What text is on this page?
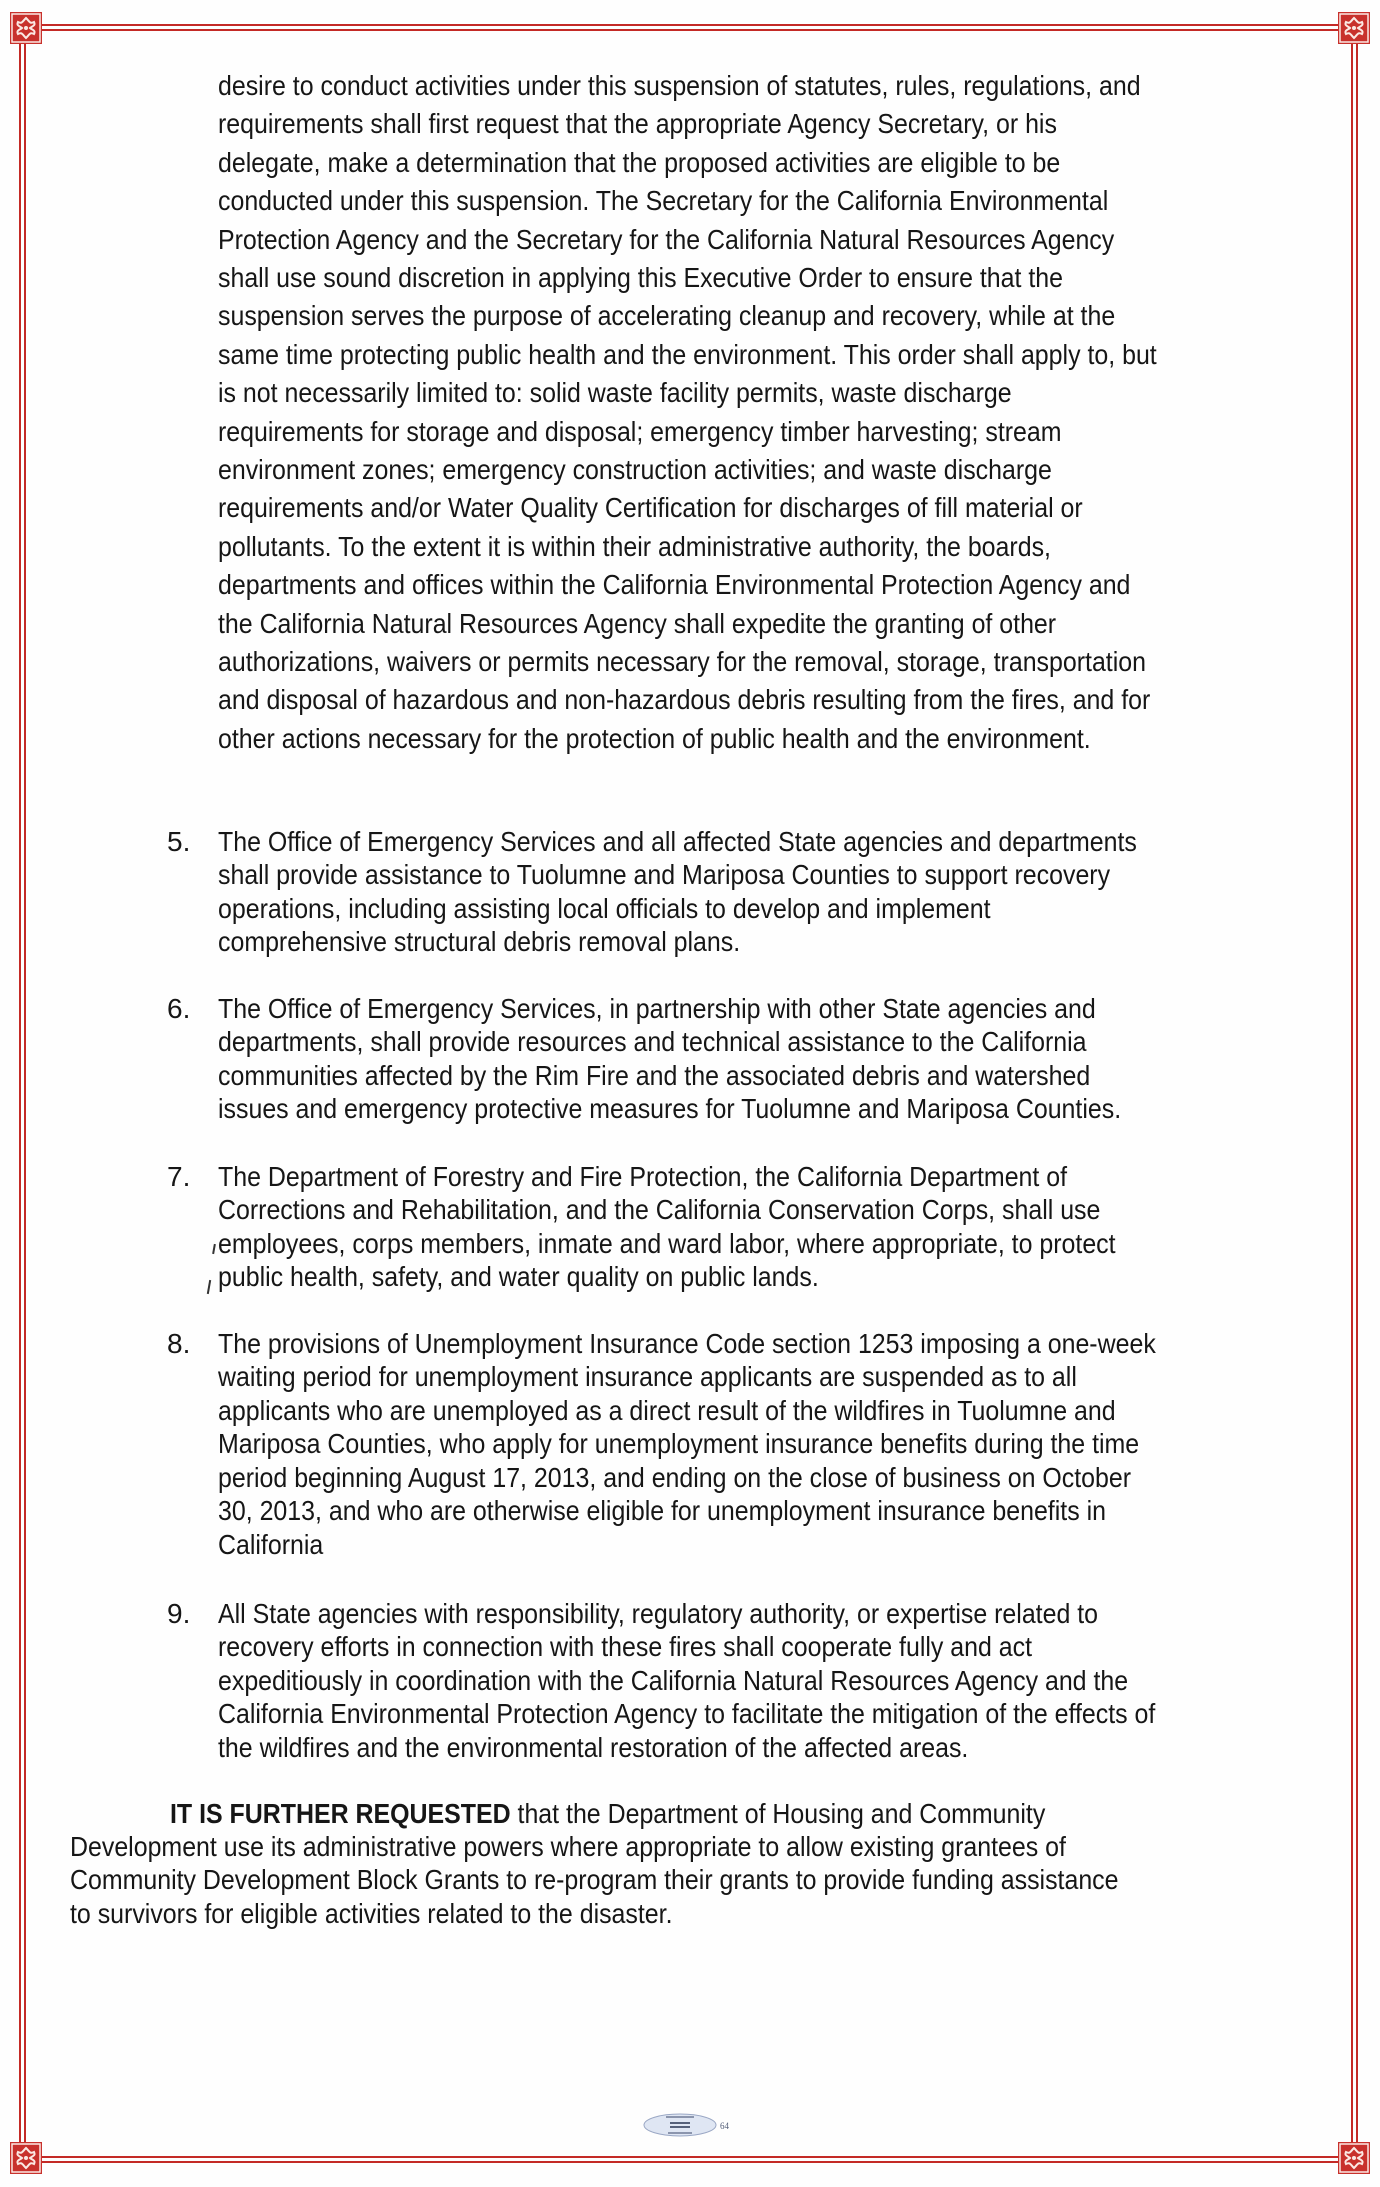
desire to conduct activities under this suspension of statutes, rules, regulations, and
requirements shall first request that the appropriate Agency Secretary, or his
delegate, make a determination that the proposed activities are eligible to be
conducted under this suspension. The Secretary for the California Environmental
Protection Agency and the Secretary for the California Natural Resources Agency
shall use sound discretion in applying this Executive Order to ensure that the
suspension serves the purpose of accelerating cleanup and recovery, while at the
same time protecting public health and the environment. This order shall apply to, but
is not necessarily limited to: solid waste facility permits, waste discharge
requirements for storage and disposal; emergency timber harvesting; stream
environment zones; emergency construction activities; and waste discharge
requirements and/or Water Quality Certification for discharges of fill material or
pollutants. To the extent it is within their administrative authority, the boards,
departments and offices within the California Environmental Protection Agency and
the California Natural Resources Agency shall expedite the granting of other
authorizations, waivers or permits necessary for the removal, storage, transportation
and disposal of hazardous and non-hazardous debris resulting from the fires, and for
other actions necessary for the protection of public health and the environment.
5. The Office of Emergency Services and all affected State agencies and departments
shall provide assistance to Tuolumne and Mariposa Counties to support recovery
operations, including assisting local officials to develop and implement
comprehensive structural debris removal plans.
6. The Office of Emergency Services, in partnership with other State agencies and
departments, shall provide resources and technical assistance to the California
communities affected by the Rim Fire and the associated debris and watershed
issues and emergency protective measures for Tuolumne and Mariposa Counties.
7. The Department of Forestry and Fire Protection, the California Department of
Corrections and Rehabilitation, and the California Conservation Corps, shall use
employees, corps members, inmate and ward labor, where appropriate, to protect
public health, safety, and water quality on public lands.
8. The provisions of Unemployment Insurance Code section 1253 imposing a one-week
waiting period for unemployment insurance applicants are suspended as to all
applicants who are unemployed as a direct result of the wildfires in Tuolumne and
Mariposa Counties, who apply for unemployment insurance benefits during the time
period beginning August 17, 2013, and ending on the close of business on October
30, 2013, and who are otherwise eligible for unemployment insurance benefits in
California
9. All State agencies with responsibility, regulatory authority, or expertise related to
recovery efforts in connection with these fires shall cooperate fully and act
expeditiously in coordination with the California Natural Resources Agency and the
California Environmental Protection Agency to facilitate the mitigation of the effects of
the wildfires and the environmental restoration of the affected areas.
IT IS FURTHER REQUESTED that the Department of Housing and Community
Development use its administrative powers where appropriate to allow existing grantees of
Community Development Block Grants to re-program their grants to provide funding assistance
to survivors for eligible activities related to the disaster.
64
